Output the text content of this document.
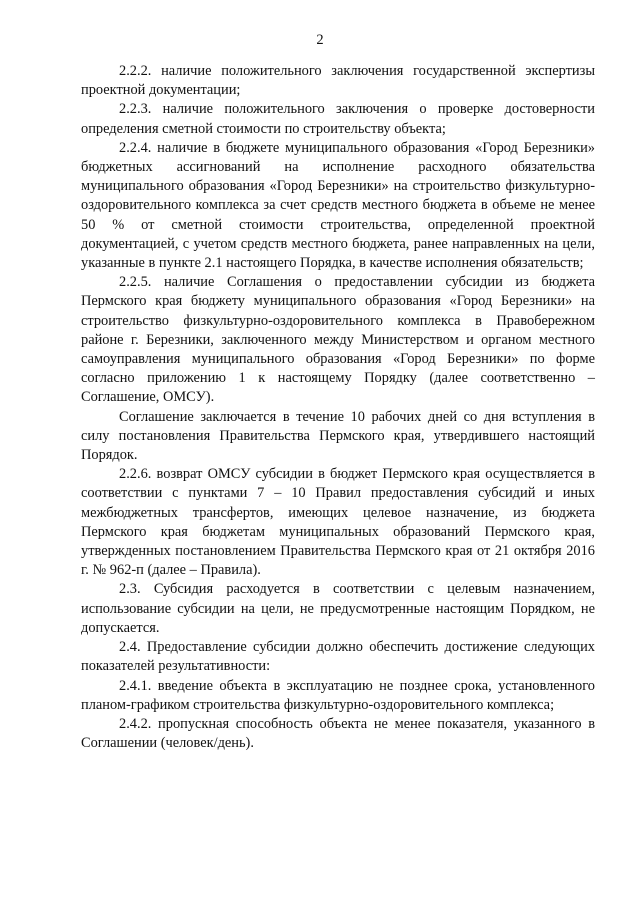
2

2.2.2. наличие положительного заключения государственной экспертизы проектной документации;

2.2.3. наличие положительного заключения о проверке достоверности определения сметной стоимости по строительству объекта;

2.2.4. наличие в бюджете муниципального образования «Город Березники» бюджетных ассигнований на исполнение расходного обязательства муниципального образования «Город Березники» на строительство физкультурно-оздоровительного комплекса за счет средств местного бюджета в объеме не менее 50 % от сметной стоимости строительства, определенной проектной документацией, с учетом средств местного бюджета, ранее направленных на цели, указанные в пункте 2.1 настоящего Порядка, в качестве исполнения обязательств;

2.2.5. наличие Соглашения о предоставлении субсидии из бюджета Пермского края бюджету муниципального образования «Город Березники» на строительство физкультурно-оздоровительного комплекса в Правобережном районе г. Березники, заключенного между Министерством и органом местного самоуправления муниципального образования «Город Березники» по форме согласно приложению 1 к настоящему Порядку (далее соответственно – Соглашение, ОМСУ).

Соглашение заключается в течение 10 рабочих дней со дня вступления в силу постановления Правительства Пермского края, утвердившего настоящий Порядок.

2.2.6. возврат ОМСУ субсидии в бюджет Пермского края осуществляется в соответствии с пунктами 7 – 10 Правил предоставления субсидий и иных межбюджетных трансфертов, имеющих целевое назначение, из бюджета Пермского края бюджетам муниципальных образований Пермского края, утвержденных постановлением Правительства Пермского края от 21 октября 2016 г. № 962-п (далее – Правила).

2.3. Субсидия расходуется в соответствии с целевым назначением, использование субсидии на цели, не предусмотренные настоящим Порядком, не допускается.

2.4. Предоставление субсидии должно обеспечить достижение следующих показателей результативности:

2.4.1. введение объекта в эксплуатацию не позднее срока, установленного планом-графиком строительства физкультурно-оздоровительного комплекса;

2.4.2. пропускная способность объекта не менее показателя, указанного в Соглашении (человек/день).
